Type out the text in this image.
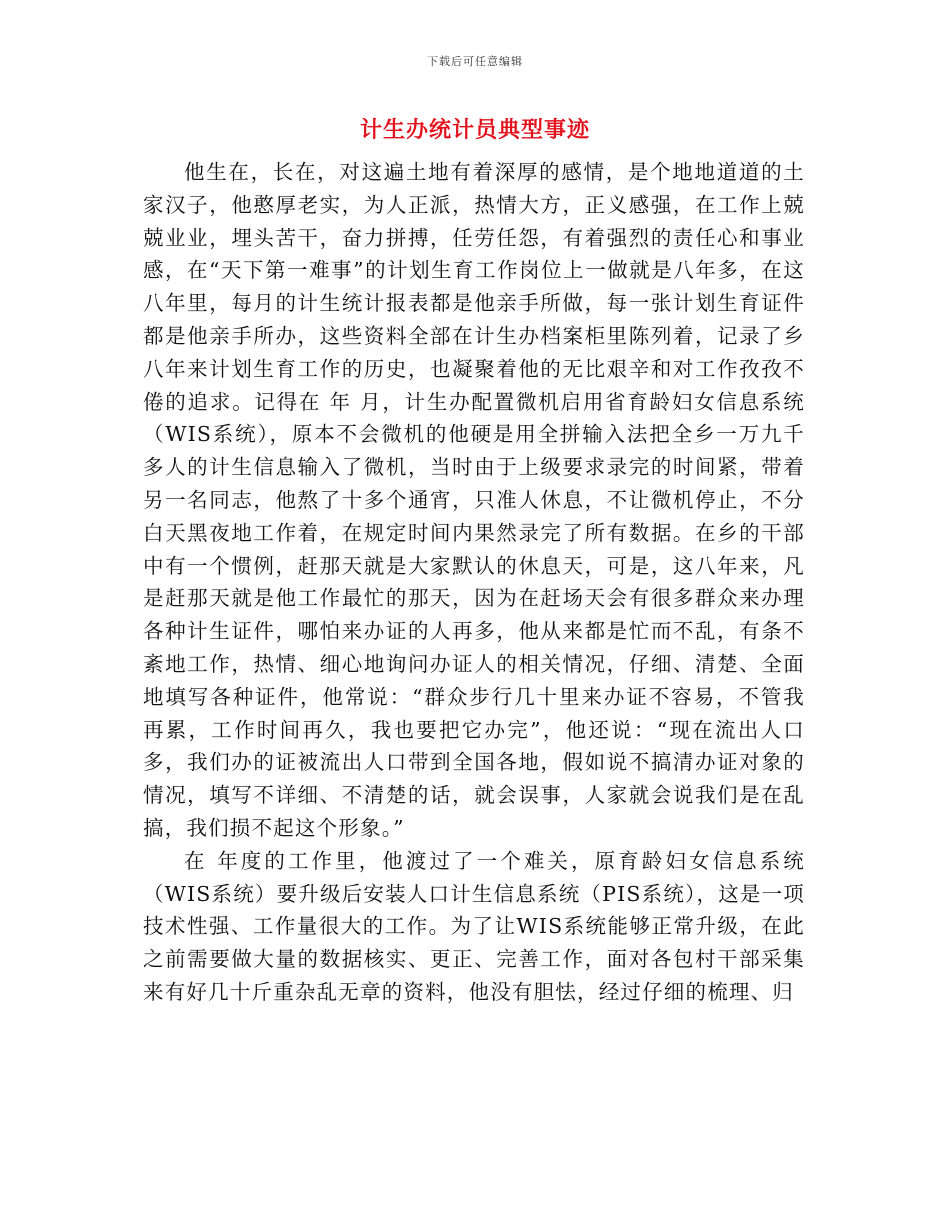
下载后可任意编辑
计生办统计员典型事迹

他生在，长在，对这遍土地有着深厚的感情，是个地地道道的土家汉子，他憨厚老实，为人正派，热情大方，正义感强，在工作上兢兢业业，埋头苦干，奋力拼搏，任劳任怨，有着强烈的责任心和事业感，在“天下第一难事”的计划生育工作岗位上一做就是八年多，在这八年里，每月的计生统计报表都是他亲手所做，每一张计划生育证件都是他亲手所办，这些资料全部在计生办档案柜里陈列着，记录了乡八年来计划生育工作的历史，也凝聚着他的无比艰辛和对工作孜孜不倦的追求。记得在 年 月，计生办配置微机启用省育龄妇女信息系统（WIS系统），原本不会微机的他硬是用全拼输入法把全乡一万九千多人的计生信息输入了微机，当时由于上级要求录完的时间紧，带着另一名同志，他熬了十多个通宵，只准人休息，不让微机停止，不分白天黑夜地工作着，在规定时间内果然录完了所有数据。在乡的干部中有一个惯例，赶那天就是大家默认的休息天，可是，这八年来，凡是赶那天就是他工作最忙的那天，因为在赶场天会有很多群众来办理各种计生证件，哪怕来办证的人再多，他从来都是忙而不乱，有条不紊地工作，热情、细心地询问办证人的相关情况，仔细、清楚、全面地填写各种证件，他常说：“群众步行几十里来办证不容易，不管我再累，工作时间再久，我也要把它办完”，他还说：“现在流出人口多，我们办的证被流出人口带到全国各地，假如说不搞清办证对象的情况，填写不详细、不清楚的话，就会误事，人家就会说我们是在乱搞，我们损不起这个形象。”

在 年度的工作里，他渡过了一个难关，原育龄妇女信息系统（WIS系统）要升级后安装人口计生信息系统（PIS系统），这是一项技术性强、工作量很大的工作。为了让WIS系统能够正常升级，在此之前需要做大量的数据核实、更正、完善工作，面对各包村干部采集来有好几十斤重杂乱无章的资料，他没有胆怯，经过仔细的梳理、归
